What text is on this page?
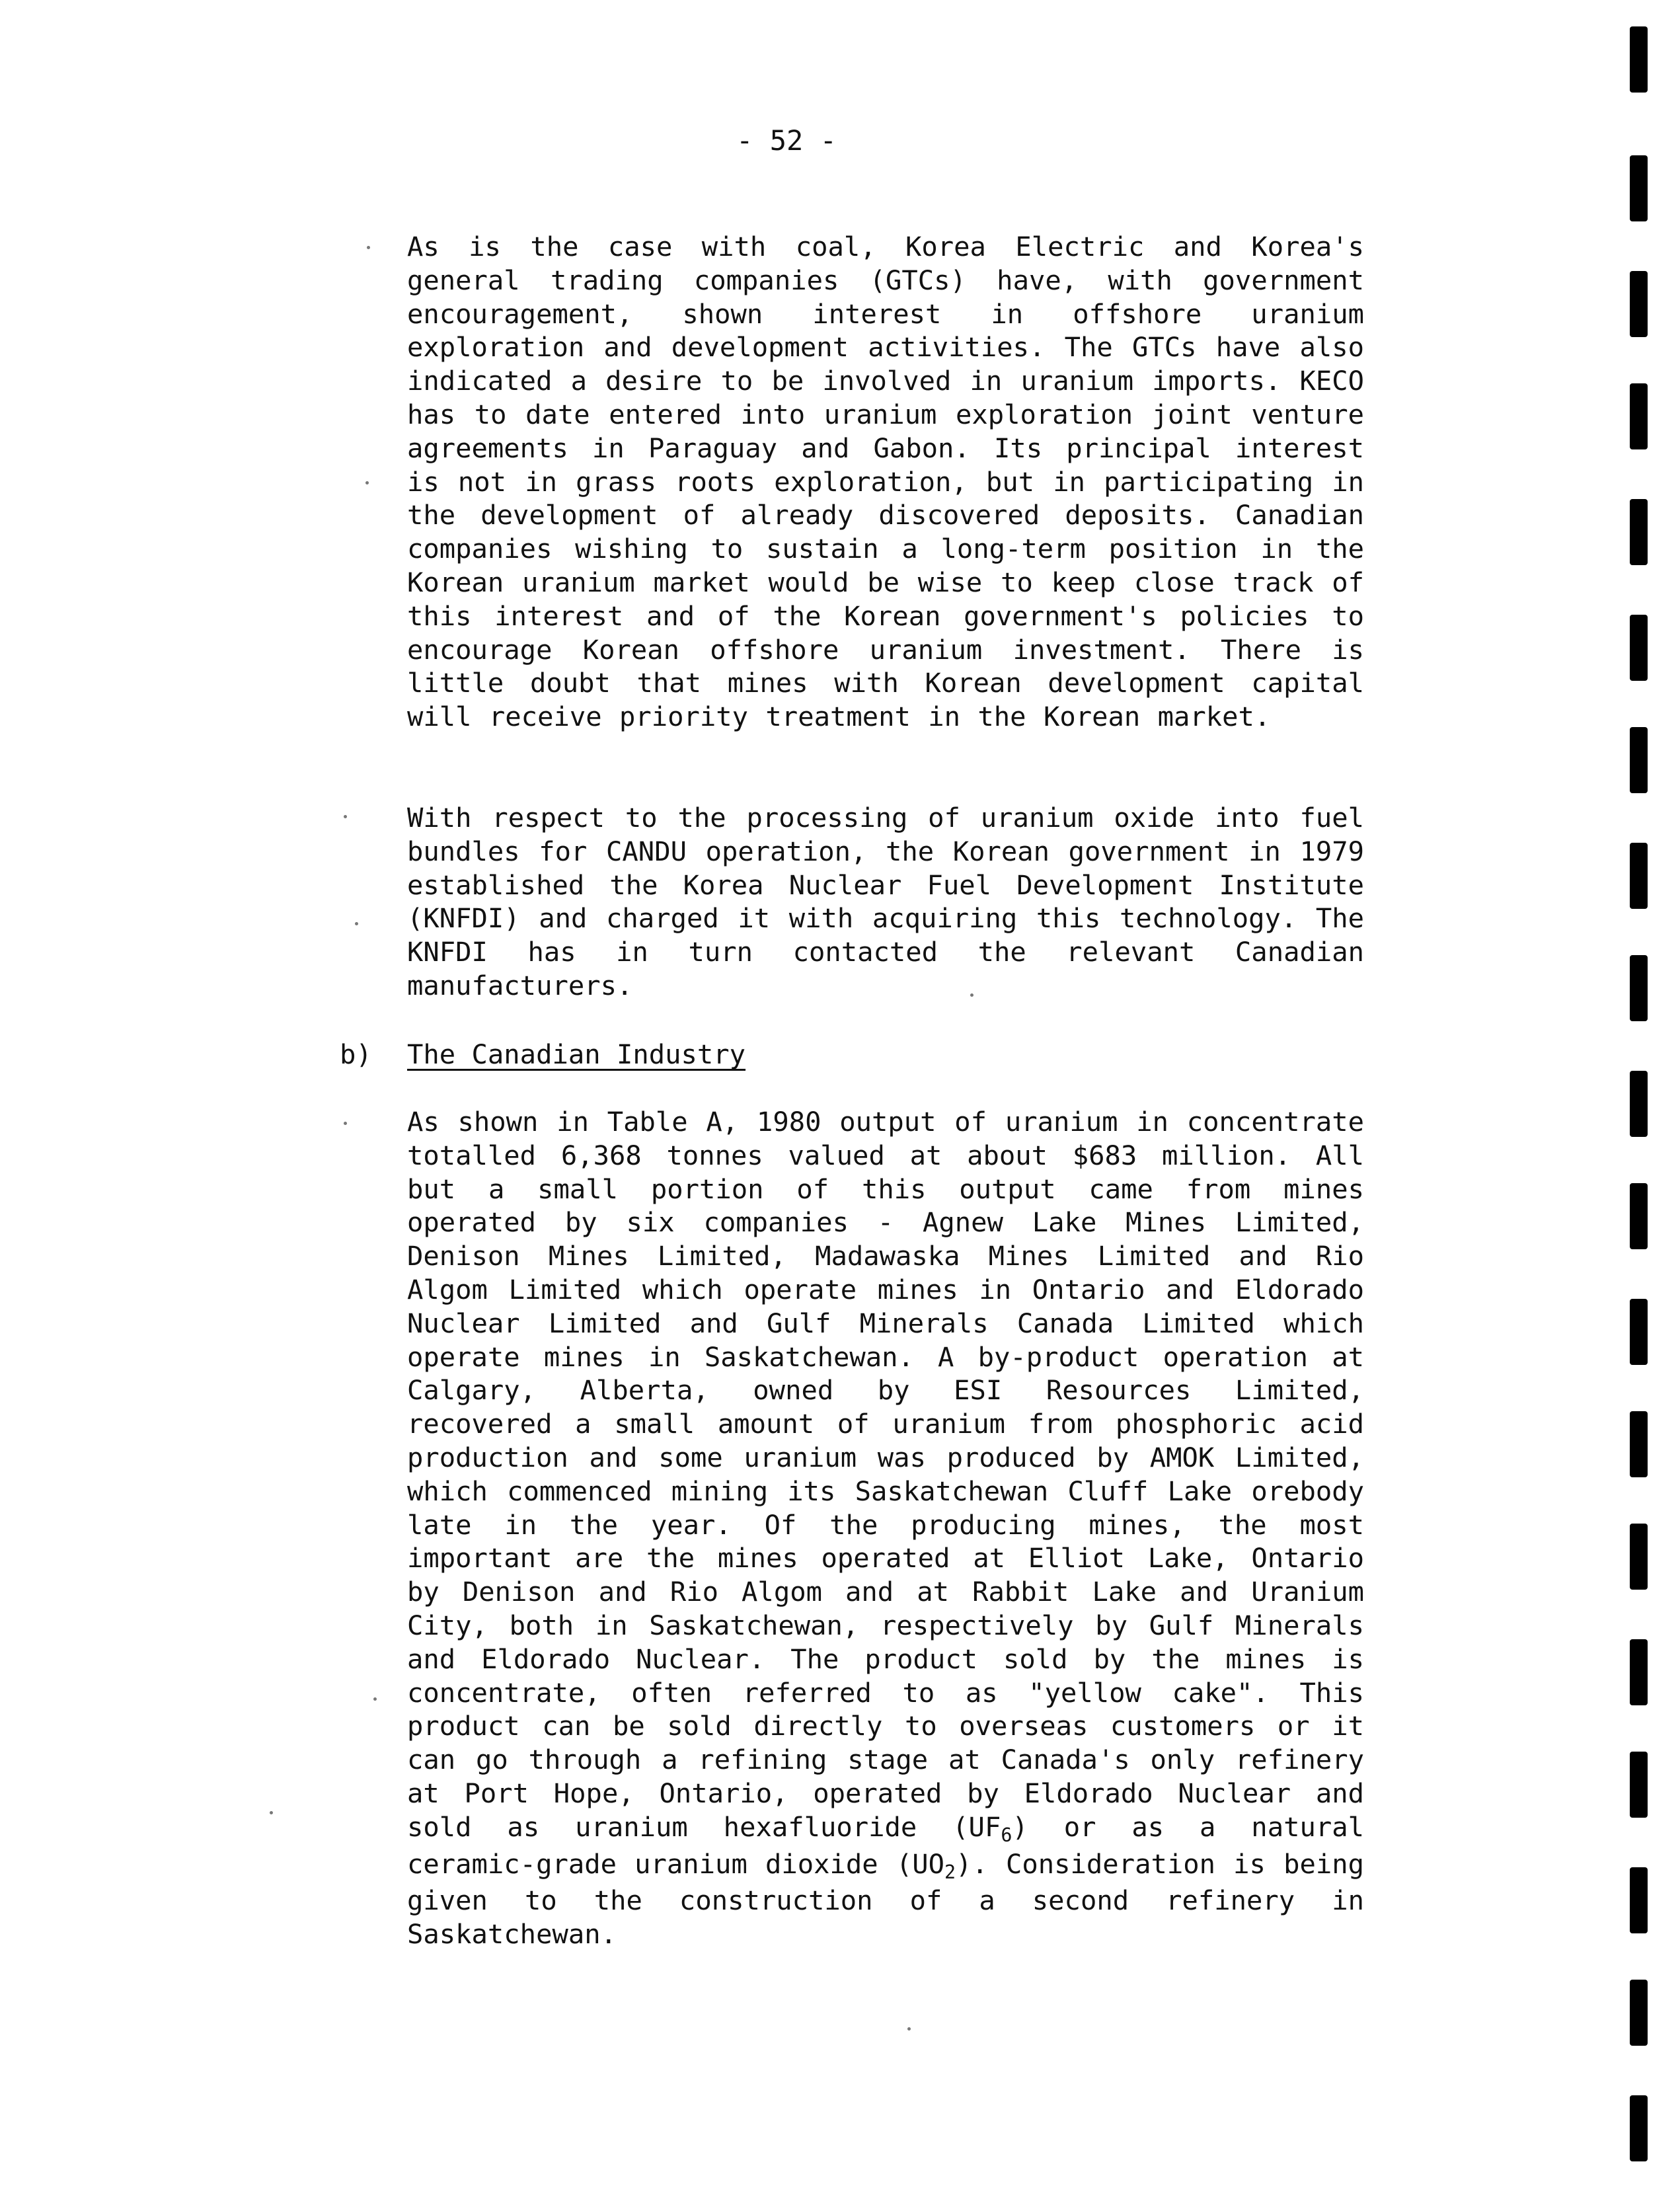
- 52 -

As is the case with coal, Korea Electric and Korea's general trading companies (GTCs) have, with government encouragement, shown interest in offshore uranium exploration and development activities. The GTCs have also indicated a desire to be involved in uranium imports. KECO has to date entered into uranium exploration joint venture agreements in Paraguay and Gabon. Its principal interest is not in grass roots exploration, but in participating in the development of already discovered deposits. Canadian companies wishing to sustain a long-term position in the Korean uranium market would be wise to keep close track of this interest and of the Korean government's policies to encourage Korean offshore uranium investment. There is little doubt that mines with Korean development capital will receive priority treatment in the Korean market.

With respect to the processing of uranium oxide into fuel bundles for CANDU operation, the Korean government in 1979 established the Korea Nuclear Fuel Development Institute (KNFDI) and charged it with acquiring this technology. The KNFDI has in turn contacted the relevant Canadian manufacturers.

b) The Canadian Industry

As shown in Table A, 1980 output of uranium in concentrate totalled 6,368 tonnes valued at about $683 million. All but a small portion of this output came from mines operated by six companies - Agnew Lake Mines Limited, Denison Mines Limited, Madawaska Mines Limited and Rio Algom Limited which operate mines in Ontario and Eldorado Nuclear Limited and Gulf Minerals Canada Limited which operate mines in Saskatchewan. A by-product operation at Calgary, Alberta, owned by ESI Resources Limited, recovered a small amount of uranium from phosphoric acid production and some uranium was produced by AMOK Limited, which commenced mining its Saskatchewan Cluff Lake orebody late in the year. Of the producing mines, the most important are the mines operated at Elliot Lake, Ontario by Denison and Rio Algom and at Rabbit Lake and Uranium City, both in Saskatchewan, respectively by Gulf Minerals and Eldorado Nuclear. The product sold by the mines is concentrate, often referred to as "yellow cake". This product can be sold directly to overseas customers or it can go through a refining stage at Canada's only refinery at Port Hope, Ontario, operated by Eldorado Nuclear and sold as uranium hexafluoride $(UF_6)$ or as a natural ceramic-grade uranium dioxide $(UO_2)$. Consideration is being given to the construction of a second refinery in Saskatchewan.
